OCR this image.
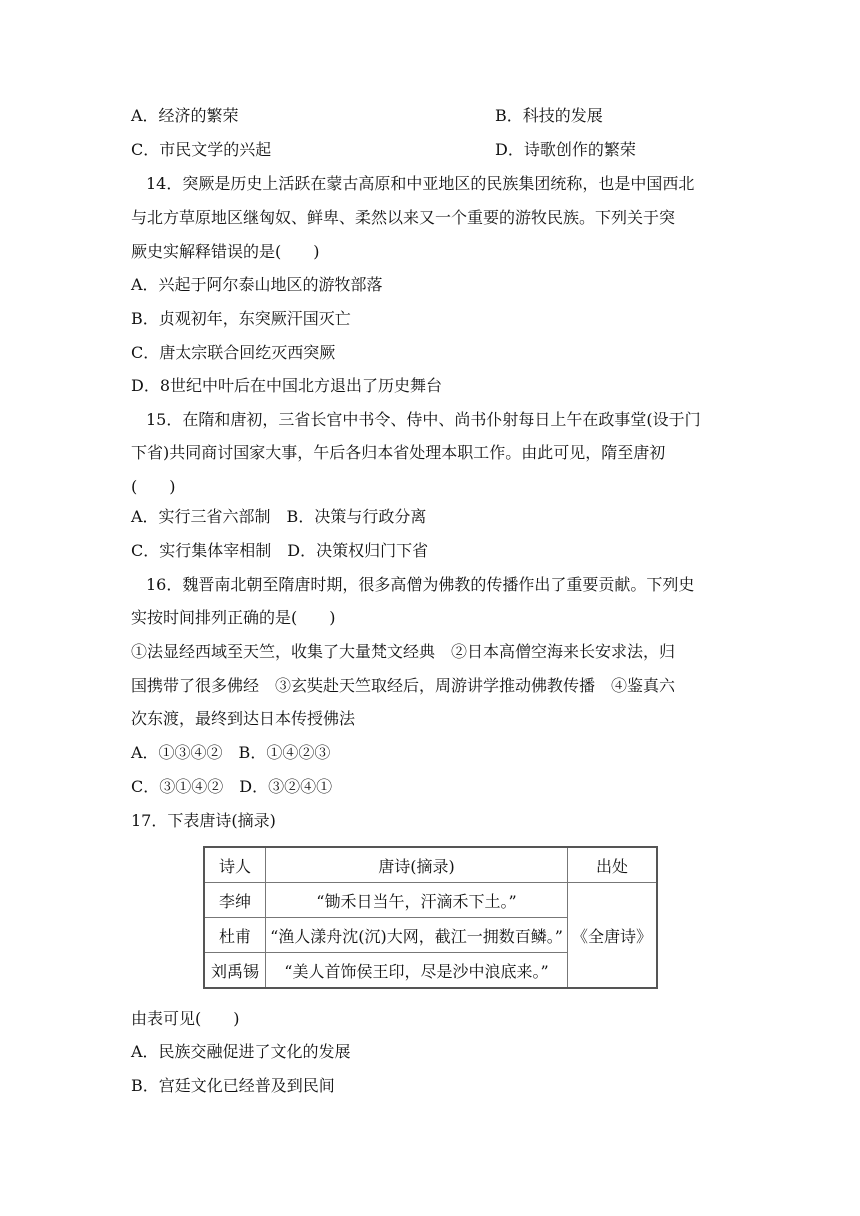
A．经济的繁荣	B．科技的发展
C．市民文学的兴起	D．诗歌创作的繁荣
14．突厥是历史上活跃在蒙古高原和中亚地区的民族集团统称，也是中国西北
与北方草原地区继匈奴、鲜卑、柔然以来又一个重要的游牧民族。下列关于突
厥史实解释错误的是(　　)
A．兴起于阿尔泰山地区的游牧部落
B．贞观初年，东突厥汗国灭亡
C．唐太宗联合回纥灭西突厥
D．8世纪中叶后在中国北方退出了历史舞台
15．在隋和唐初，三省长官中书令、侍中、尚书仆射每日上午在政事堂(设于门
下省)共同商讨国家大事，午后各归本省处理本职工作。由此可见，隋至唐初
(　　)
A．实行三省六部制　B．决策与行政分离
C．实行集体宰相制　D．决策权归门下省
16．魏晋南北朝至隋唐时期，很多高僧为佛教的传播作出了重要贡献。下列史
实按时间排列正确的是(　　)
①法显经西域至天竺，收集了大量梵文经典　②日本高僧空海来长安求法，归
国携带了很多佛经　③玄奘赴天竺取经后，周游讲学推动佛教传播　④鉴真六
次东渡，最终到达日本传授佛法
A．①③④②　B．①④②③
C．③①④②　D．③②④①
17．下表唐诗(摘录)
诗人	唐诗(摘录)	出处
李绅	“锄禾日当午，汗滴禾下土。”	《全唐诗》
杜甫	“渔人漾舟沈(沉)大网，截江一拥数百鳞。”	
刘禹锡	“美人首饰侯王印，尽是沙中浪底来。”	
由表可见(　　)
A．民族交融促进了文化的发展
B．宫廷文化已经普及到民间
